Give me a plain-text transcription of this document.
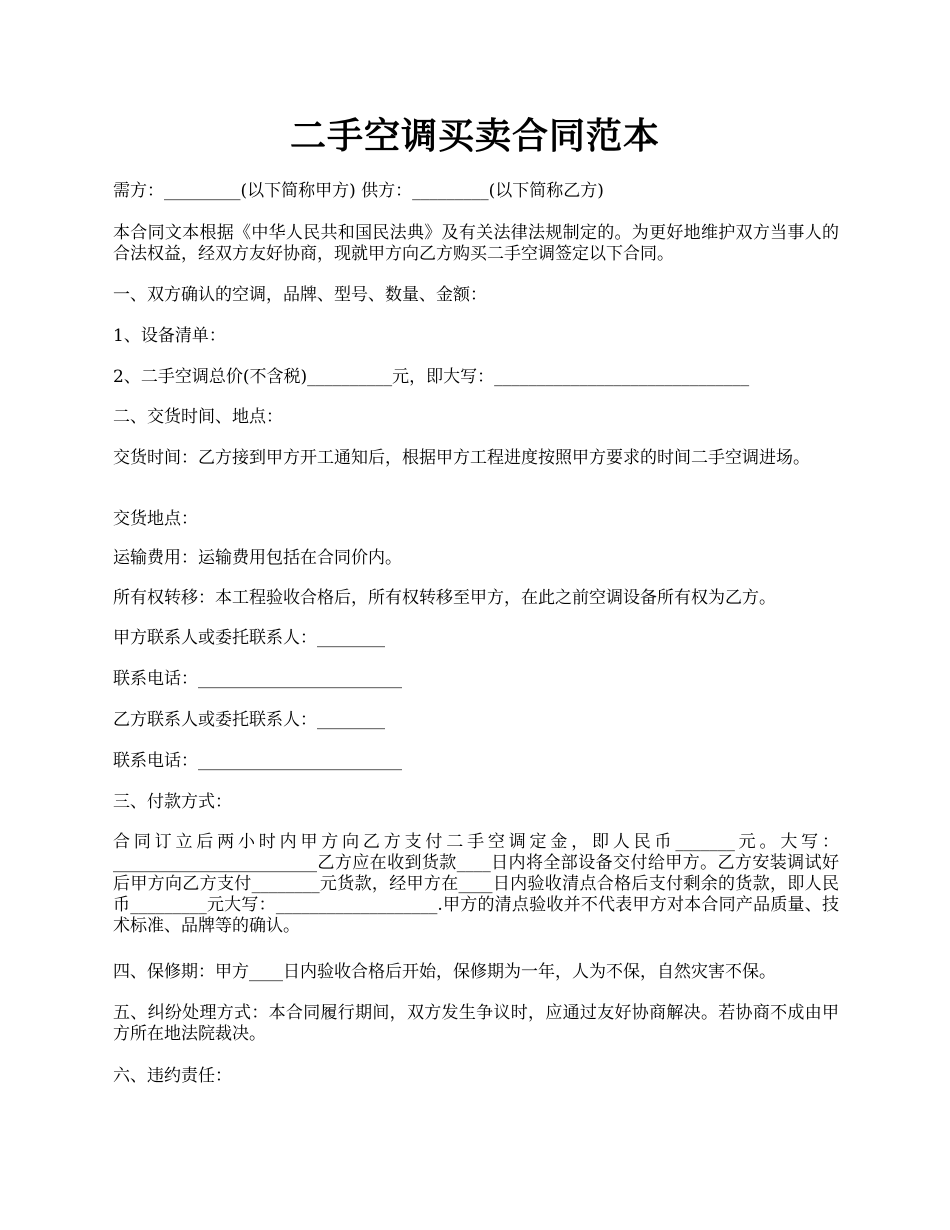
二手空调买卖合同范本
需方：_________(以下简称甲方) 供方：_________(以下简称乙方)
本合同文本根据《中华人民共和国民法典》及有关法律法规制定的。为更好地维护双方当事人的合法权益，经双方友好协商，现就甲方向乙方购买二手空调签定以下合同。
一、双方确认的空调，品牌、型号、数量、金额：
1、设备清单：
2、二手空调总价(不含税)__________元，即大写：______________________________
二、交货时间、地点：
交货时间：乙方接到甲方开工通知后，根据甲方工程进度按照甲方要求的时间二手空调进场。
交货地点：
运输费用：运输费用包括在合同价内。
所有权转移：本工程验收合格后，所有权转移至甲方，在此之前空调设备所有权为乙方。
甲方联系人或委托联系人：________
联系电话：________________________
乙方联系人或委托联系人：________
联系电话：________________________
三、付款方式：
合同订立后两小时内甲方向乙方支付二手空调定金，即人民币_______元。大写：________________________乙方应在收到货款____日内将全部设备交付给甲方。乙方安装调试好后甲方向乙方支付________元货款，经甲方在____日内验收清点合格后支付剩余的货款，即人民币_________元大写：___________________.甲方的清点验收并不代表甲方对本合同产品质量、技术标准、品牌等的确认。
四、保修期：甲方____日内验收合格后开始，保修期为一年，人为不保，自然灾害不保。
五、纠纷处理方式：本合同履行期间，双方发生争议时，应通过友好协商解决。若协商不成由甲方所在地法院裁决。
六、违约责任：
